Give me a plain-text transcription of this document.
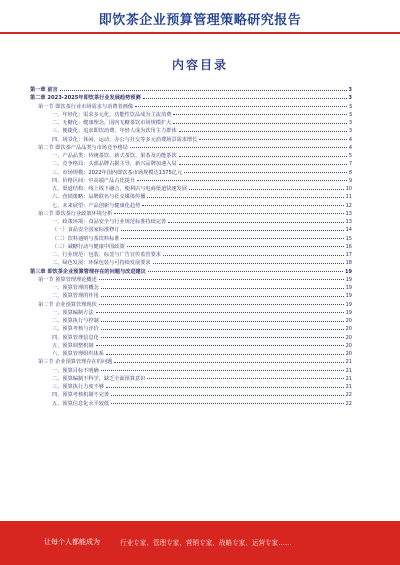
即饮茶企业预算管理策略研究报告
内容目录
第一章 前言	3
第二章 2023-2025年即饮茶行业发展趋势预测	3
第一节 即饮茶行业市场需求与消费者画像	3
一、年轻化：需求多元化，功能性饮品成为主流消费	3
二、无糖化：健康理念，国内无糖茶饮市场规模扩大	3
三、便捷化：追求即饮消费，年轻人成为饮用主力群体	3
四、场景化：休闲、运动、办公与社交等多元消费场景需求增长	4
第二节 即饮茶产品品类与市场竞争格局	4
一、产品品类：传统茶饮、新式茶饮、果茶及功能茶饮	5
二、竞争格局：头部品牌占据主导，新兴品牌加速入局	7
三、市场规模：2022年国内即饮茶市场规模达1375亿元	8
四、价格区间：中高端产品占比提升	9
五、渠道结构：线上线下融合，便利店与电商渠道快速发展	10
六、营销策略：品牌联名与社交媒体传播	11
七、未来展望：产品创新与健康化趋势	12
第三节 即饮茶行业政策环境分析	13
一、政策环境：食品安全与行业规范标准持续完善	13
（一）食品安全国家标准修订	14
（二）饮料通则与茶饮料标准	15
（三）减糖行动与健康中国政策	16
二、行业规范：包装、标签与广告宣传监管要求	17
三、绿色发展：环保包装与可持续发展要求	18
第三章 即饮茶企业预算管理存在的问题与改进建议	19
第一节 预算管理理论概述	19
一、预算管理的概念	19
二、预算管理的作用	19
第二节 企业预算管理现状	19
一、预算编制方法	19
二、预算执行与控制	20
三、预算考核与评价	20
四、预算管理信息化	20
五、预算调整机制	20
六、预算管理组织体系	20
第三节 企业预算管理存在的问题	21
一、预算目标不明确	21
二、预算编制不科学，缺乏全面预算意识	21
三、预算执行力度不够	21
四、预算考核机制不完善	22
五、预算信息化水平较低	22
让每个人都能成为	行业专家、管理专家、营销专家、战略专家、运营专家……
